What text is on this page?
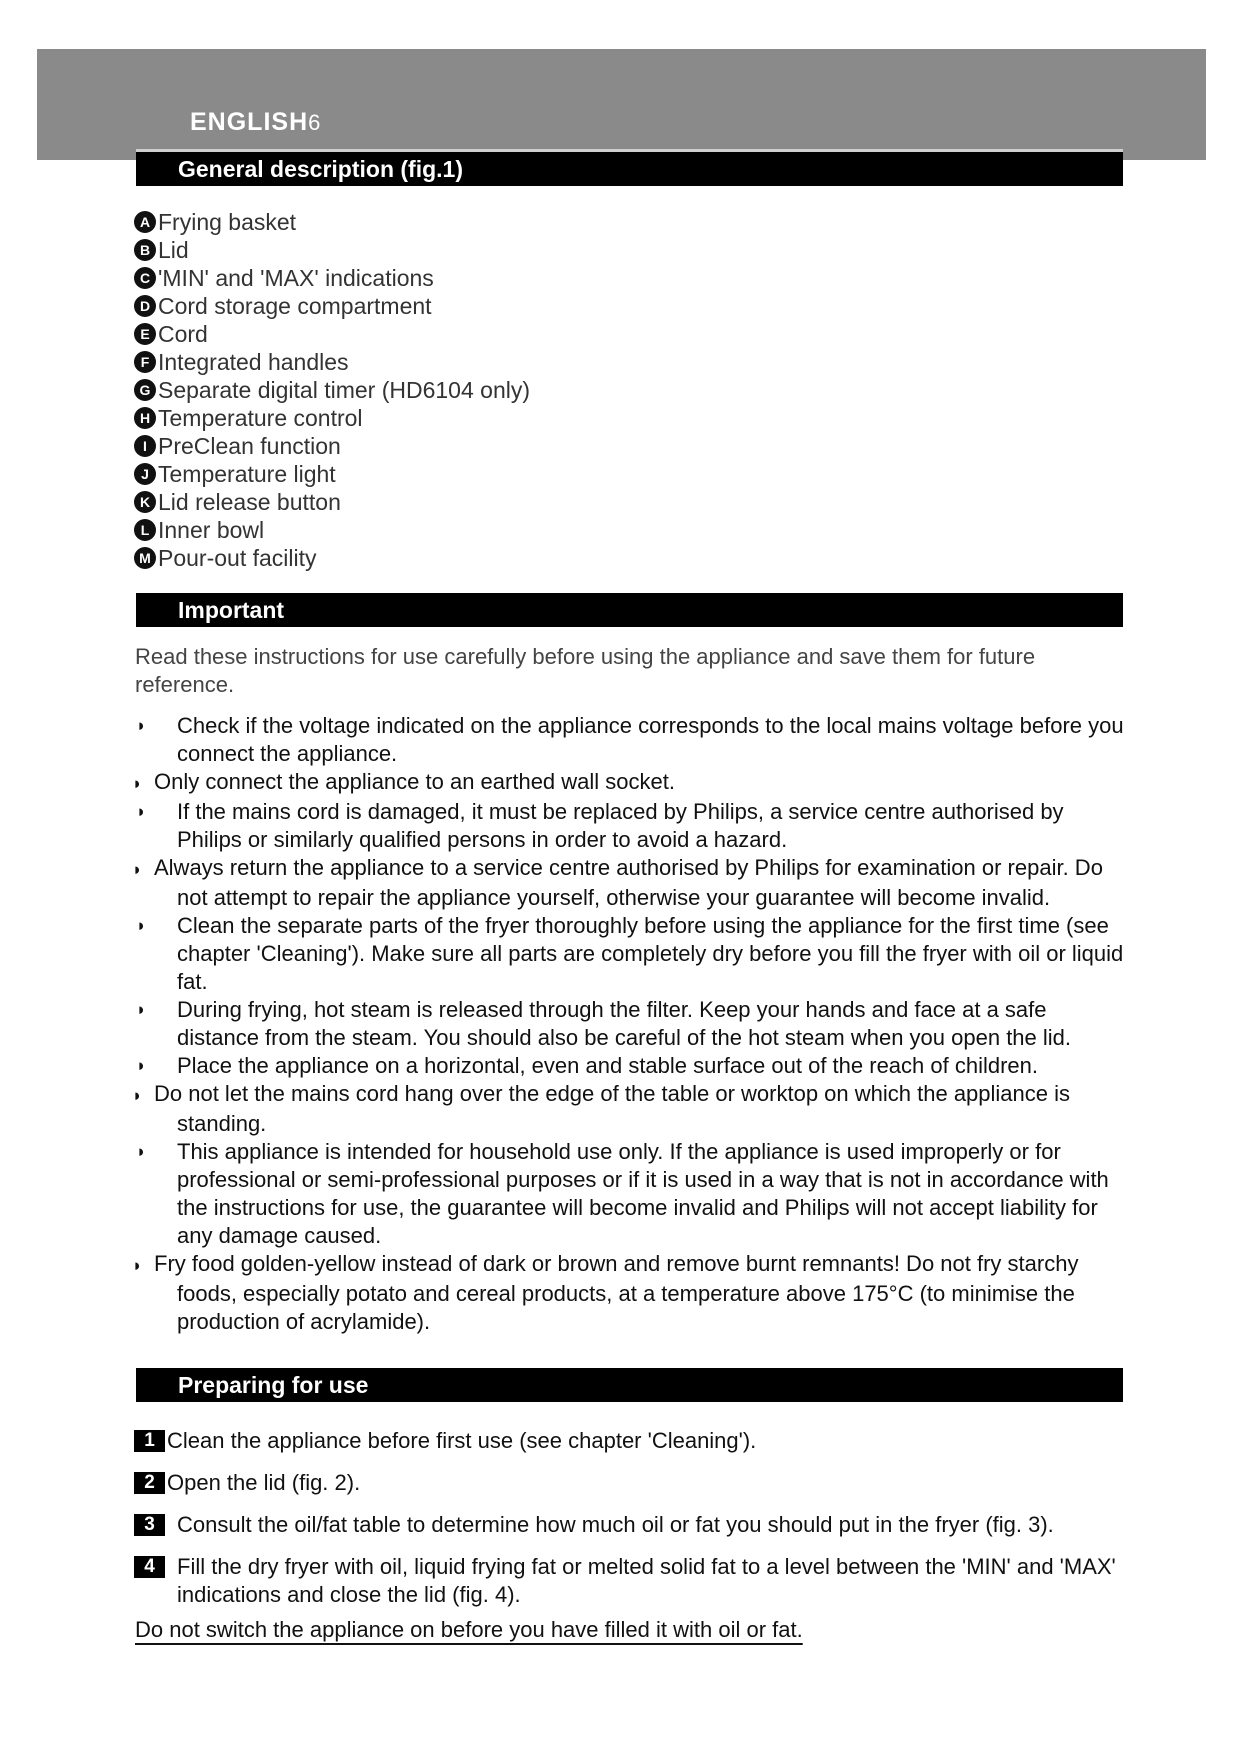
ENGLISH6
General description (fig.1)
A Frying basket
B Lid
C 'MIN' and 'MAX' indications
D Cord storage compartment
E Cord
F Integrated handles
G Separate digital timer (HD6104 only)
H Temperature control
I PreClean function
J Temperature light
K Lid release button
L Inner bowl
M Pour-out facility
Important

Read these instructions for use carefully before using the appliance and save them for future reference.

◗ Check if the voltage indicated on the appliance corresponds to the local mains voltage before you connect the appliance.
◗ Only connect the appliance to an earthed wall socket.
◗ If the mains cord is damaged, it must be replaced by Philips, a service centre authorised by Philips or similarly qualified persons in order to avoid a hazard.
◗ Always return the appliance to a service centre authorised by Philips for examination or repair. Do not attempt to repair the appliance yourself, otherwise your guarantee will become invalid.
◗ Clean the separate parts of the fryer thoroughly before using the appliance for the first time (see chapter 'Cleaning'). Make sure all parts are completely dry before you fill the fryer with oil or liquid fat.
◗ During frying, hot steam is released through the filter. Keep your hands and face at a safe distance from the steam. You should also be careful of the hot steam when you open the lid.
◗ Place the appliance on a horizontal, even and stable surface out of the reach of children.
◗ Do not let the mains cord hang over the edge of the table or worktop on which the appliance is standing.
◗ This appliance is intended for household use only. If the appliance is used improperly or for professional or semi-professional purposes or if it is used in a way that is not in accordance with the instructions for use, the guarantee will become invalid and Philips will not accept liability for any damage caused.
◗ Fry food golden-yellow instead of dark or brown and remove burnt remnants! Do not fry starchy foods, especially potato and cereal products, at a temperature above 175°C (to minimise the production of acrylamide).
Preparing for use
1 Clean the appliance before first use (see chapter 'Cleaning').
2 Open the lid (fig. 2).
3	Consult the oil/fat table to determine how much oil or fat you should put in the fryer (fig. 3).
4	Fill the dry fryer with oil, liquid frying fat or melted solid fat to a level between the 'MIN' and 'MAX' indications and close the lid (fig. 4).

Do not switch the appliance on before you have filled it with oil or fat.
